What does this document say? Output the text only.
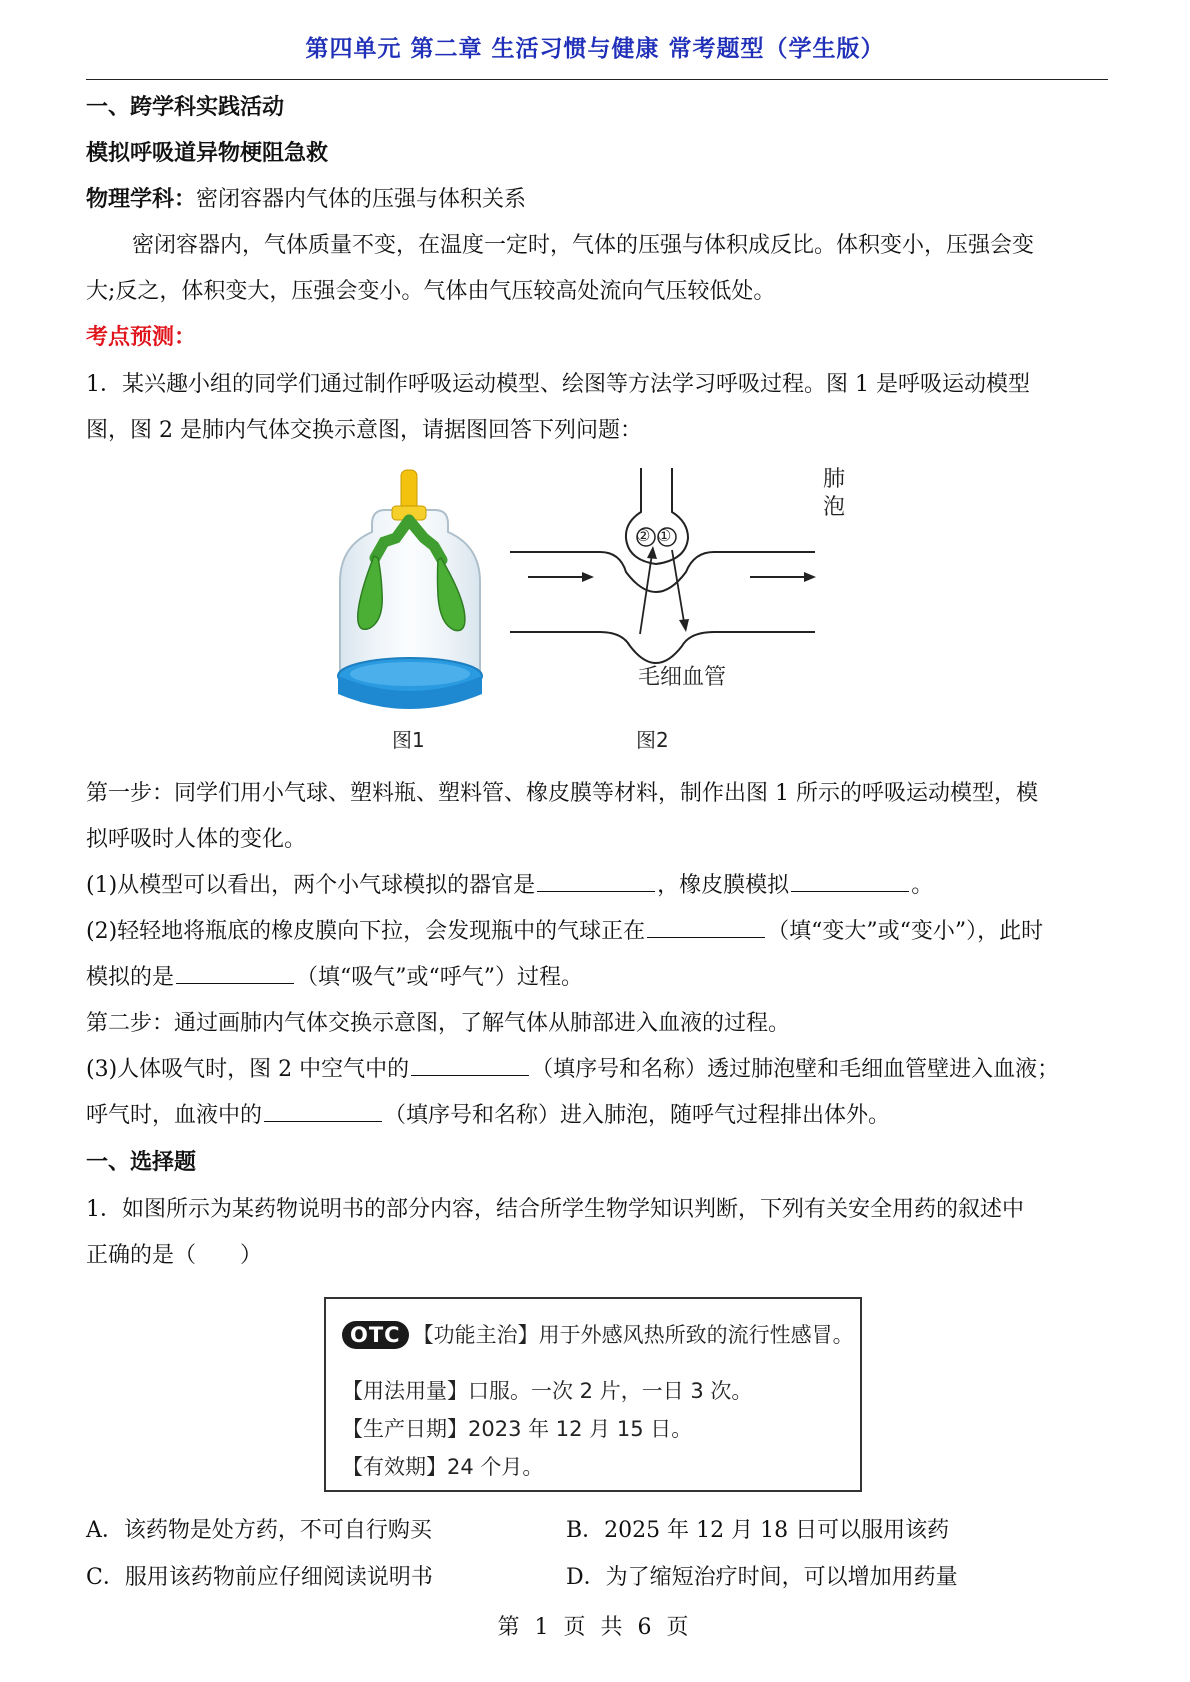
第四单元 第二章 生活习惯与健康 常考题型（学生版）
一、跨学科实践活动
模拟呼吸道异物梗阻急救
物理学科：密闭容器内气体的压强与体积关系
密闭容器内，气体质量不变，在温度一定时，气体的压强与体积成反比。体积变小，压强会变
大;反之，体积变大，压强会变小。气体由气压较高处流向气压较低处。
考点预测：
1．某兴趣小组的同学们通过制作呼吸运动模型、绘图等方法学习呼吸过程。图 1 是呼吸运动模型
图，图 2 是肺内气体交换示意图，请据图回答下列问题：
图1
肺
泡
② ①
毛细血管
图2
第一步：同学们用小气球、塑料瓶、塑料管、橡皮膜等材料，制作出图 1 所示的呼吸运动模型，模
拟呼吸时人体的变化。
(1)从模型可以看出，两个小气球模拟的器官是	，橡皮膜模拟	。
(2)轻轻地将瓶底的橡皮膜向下拉，会发现瓶中的气球正在	（填“变大”或“变小”），此时
模拟的是	（填“吸气”或“呼气”）过程。
第二步：通过画肺内气体交换示意图，了解气体从肺部进入血液的过程。
(3)人体吸气时，图 2 中空气中的	（填序号和名称）透过肺泡壁和毛细血管壁进入血液；
呼气时，血液中的	（填序号和名称）进入肺泡，随呼气过程排出体外。
一、选择题
1．如图所示为某药物说明书的部分内容，结合所学生物学知识判断，下列有关安全用药的叙述中
正确的是（　　）
OTC 【功能主治】用于外感风热所致的流行性感冒。
【用法用量】口服。一次 2 片，一日 3 次。
【生产日期】2023 年 12 月 15 日。
【有效期】24 个月。
A．该药物是处方药，不可自行购买	B．2025 年 12 月 18 日可以服用该药
C．服用该药物前应仔细阅读说明书	D．为了缩短治疗时间，可以增加用药量
第 1 页 共 6 页
